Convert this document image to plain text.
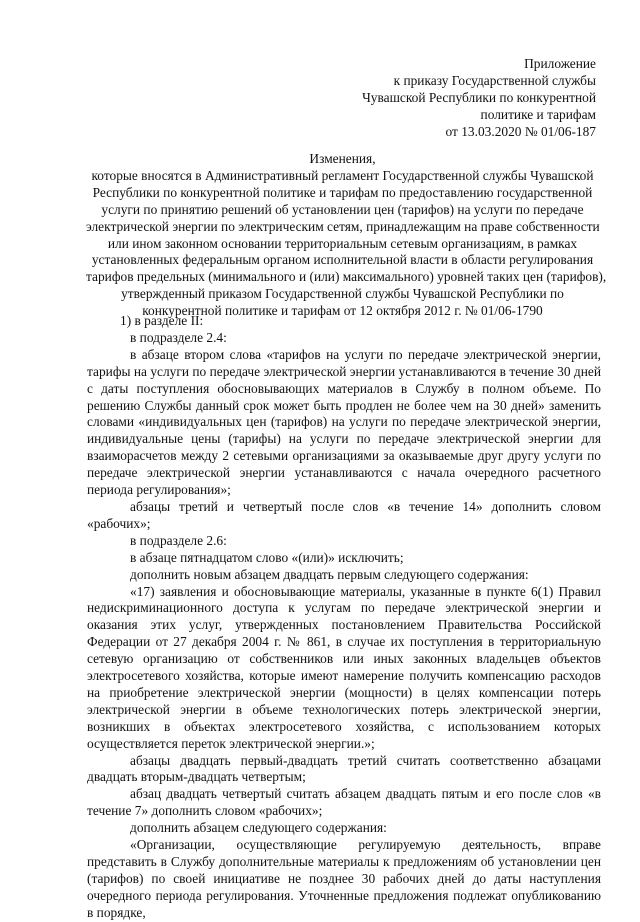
Приложение
к приказу Государственной службы
Чувашской Республики по конкурентной
политике и тарифам
от 13.03.2020 № 01/06-187
Изменения,
которые вносятся в Административный регламент Государственной службы Чувашской
Республики по конкурентной политике и тарифам по предоставлению государственной
услуги по принятию решений об установлении цен (тарифов) на услуги по передаче
электрической энергии по электрическим сетям, принадлежащим на праве собственности
или ином законном основании территориальным сетевым организациям, в рамках
установленных федеральным органом исполнительной власти в области регулирования
тарифов предельных (минимального и (или) максимального) уровней таких цен (тарифов),
утвержденный приказом Государственной службы Чувашской Республики по
конкурентной политике и тарифам от 12 октября 2012 г. № 01/06-1790

1) в разделе II:

в подразделе 2.4:

в абзаце втором слова «тарифов на услуги по передаче электрической энергии, тарифы на услуги по передаче электрической энергии устанавливаются в течение 30 дней с даты поступления обосновывающих материалов в Службу в полном объеме. По решению Службы данный срок может быть продлен не более чем на 30 дней» заменить словами «индивидуальных цен (тарифов) на услуги по передаче электрической энергии, индивидуальные цены (тарифы) на услуги по передаче электрической энергии для взаиморасчетов между 2 сетевыми организациями за оказываемые друг другу услуги по передаче электрической энергии устанавливаются с начала очередного расчетного периода регулирования»;

абзацы третий и четвертый после слов «в течение 14» дополнить словом «рабочих»;

в подразделе 2.6:

в абзаце пятнадцатом слово «(или)» исключить;

дополнить новым абзацем двадцать первым следующего содержания:

«17) заявления и обосновывающие материалы, указанные в пункте 6(1) Правил недискриминационного доступа к услугам по передаче электрической энергии и оказания этих услуг, утвержденных постановлением Правительства Российской Федерации от 27 декабря 2004 г. № 861, в случае их поступления в территориальную сетевую организацию от собственников или иных законных владельцев объектов электросетевого хозяйства, которые имеют намерение получить компенсацию расходов на приобретение электрической энергии (мощности) в целях компенсации потерь электрической энергии в объеме технологических потерь электрической энергии, возникших в объектах электросетевого хозяйства, с использованием которых осуществляется переток электрической энергии.»;

абзацы двадцать первый-двадцать третий считать соответственно абзацами двадцать вторым-двадцать четвертым;

абзац двадцать четвертый считать абзацем двадцать пятым и его после слов «в течение 7» дополнить словом «рабочих»;

дополнить абзацем следующего содержания:

«Организации, осуществляющие регулируемую деятельность, вправе представить в Службу дополнительные материалы к предложениям об установлении цен (тарифов) по своей инициативе не позднее 30 рабочих дней до даты наступления очередного периода регулирования. Уточненные предложения подлежат опубликованию в порядке,
